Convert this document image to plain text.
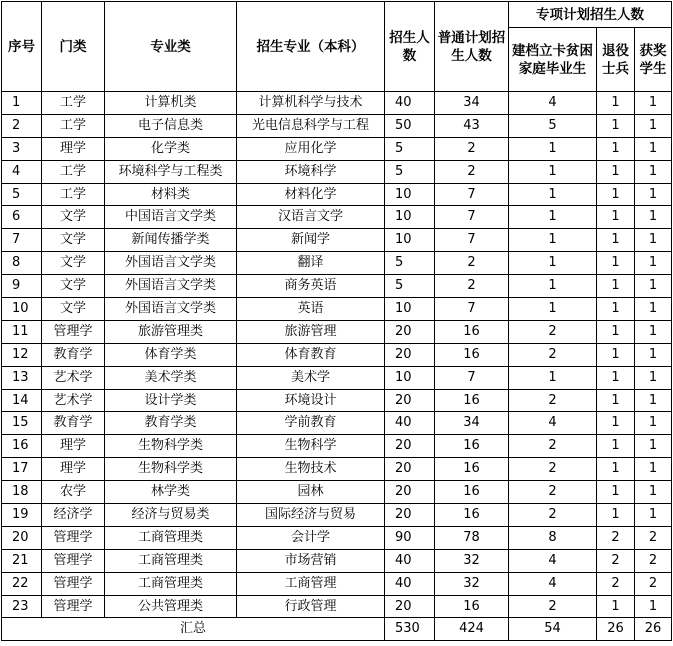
序号	门类	专业类	招生专业（本科）	招生人数	普通计划招生人数	专项计划招生人数		
						建档立卡贫困家庭毕业生	退役士兵	获奖学生
1	工学	计算机类	计算机科学与技术	40	34	4	1	1
2	工学	电子信息类	光电信息科学与工程	50	43	5	1	1
3	理学	化学类	应用化学	5	2	1	1	1
4	工学	环境科学与工程类	环境科学	5	2	1	1	1
5	工学	材料类	材料化学	10	7	1	1	1
6	文学	中国语言文学类	汉语言文学	10	7	1	1	1
7	文学	新闻传播学类	新闻学	10	7	1	1	1
8	文学	外国语言文学类	翻译	5	2	1	1	1
9	文学	外国语言文学类	商务英语	5	2	1	1	1
10	文学	外国语言文学类	英语	10	7	1	1	1
11	管理学	旅游管理类	旅游管理	20	16	2	1	1
12	教育学	体育学类	体育教育	20	16	2	1	1
13	艺术学	美术学类	美术学	10	7	1	1	1
14	艺术学	设计学类	环境设计	20	16	2	1	1
15	教育学	教育学类	学前教育	40	34	4	1	1
16	理学	生物科学类	生物科学	20	16	2	1	1
17	理学	生物科学类	生物技术	20	16	2	1	1
18	农学	林学类	园林	20	16	2	1	1
19	经济学	经济与贸易类	国际经济与贸易	20	16	2	1	1
20	管理学	工商管理类	会计学	90	78	8	2	2
21	管理学	工商管理类	市场营销	40	32	4	2	2
22	管理学	工商管理类	工商管理	40	32	4	2	2
23	管理学	公共管理类	行政管理	20	16	2	1	1
汇总				530	424	54	26	26
